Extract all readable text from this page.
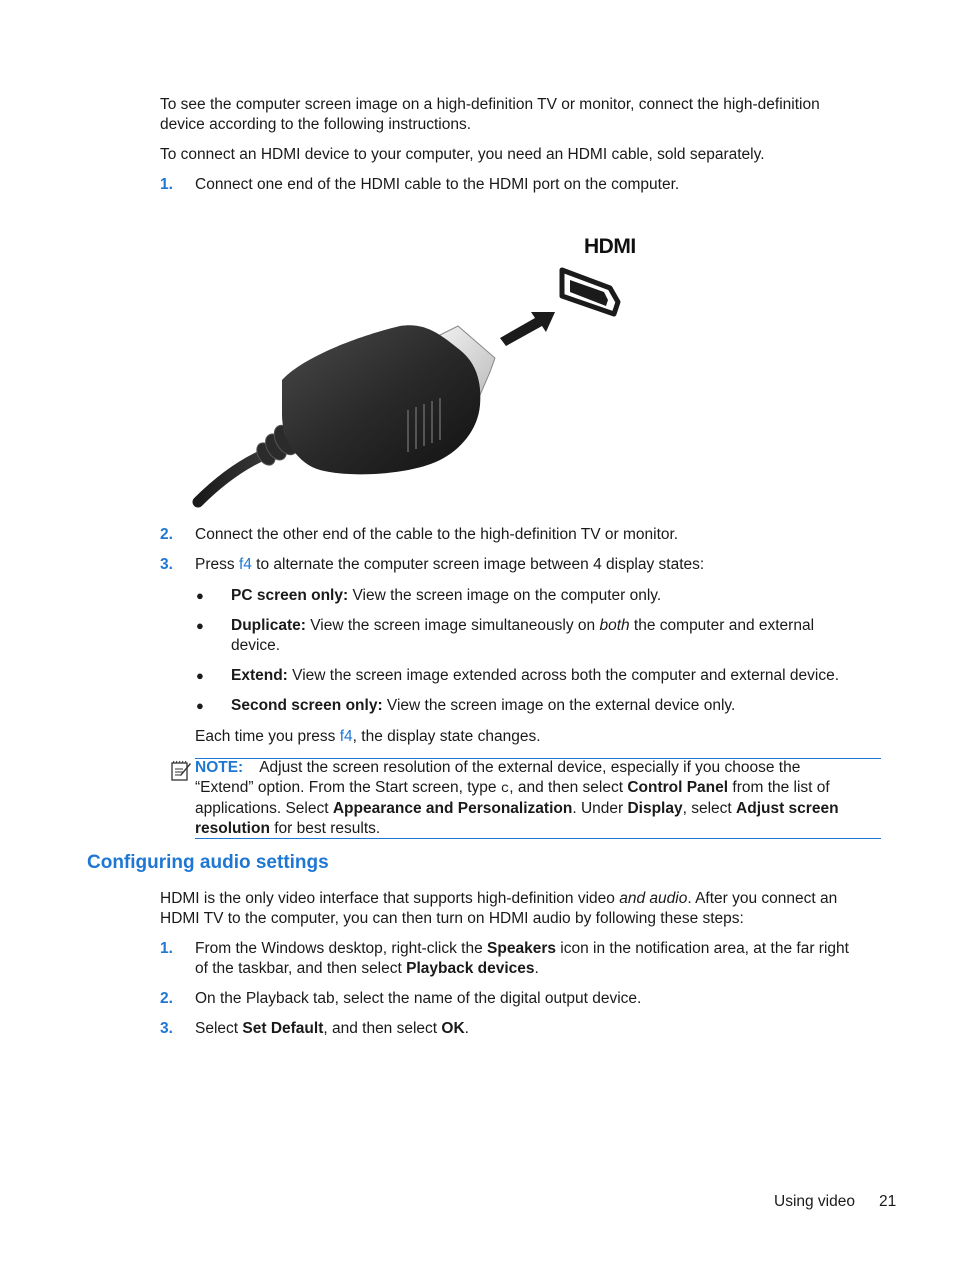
To see the computer screen image on a high-definition TV or monitor, connect the high-definition device according to the following instructions.
To connect an HDMI device to your computer, you need an HDMI cable, sold separately.
1. Connect one end of the HDMI cable to the HDMI port on the computer.
HDMI
2. Connect the other end of the cable to the high-definition TV or monitor.
3. Press f4 to alternate the computer screen image between 4 display states:
● PC screen only: View the screen image on the computer only.
● Duplicate: View the screen image simultaneously on both the computer and external
device.
● Extend: View the screen image extended across both the computer and external device.
● Second screen only: View the screen image on the external device only.
Each time you press f4, the display state changes.
NOTE: Adjust the screen resolution of the external device, especially if you choose the
“Extend” option. From the Start screen, type c, and then select Control Panel from the list of
applications. Select Appearance and Personalization. Under Display, select Adjust screen
resolution for best results.
Configuring audio settings
HDMI is the only video interface that supports high-definition video and audio. After you connect an
HDMI TV to the computer, you can then turn on HDMI audio by following these steps:
1. From the Windows desktop, right-click the Speakers icon in the notification area, at the far right
of the taskbar, and then select Playback devices.
2. On the Playback tab, select the name of the digital output device.
3. Select Set Default, and then select OK.
Using video 21
